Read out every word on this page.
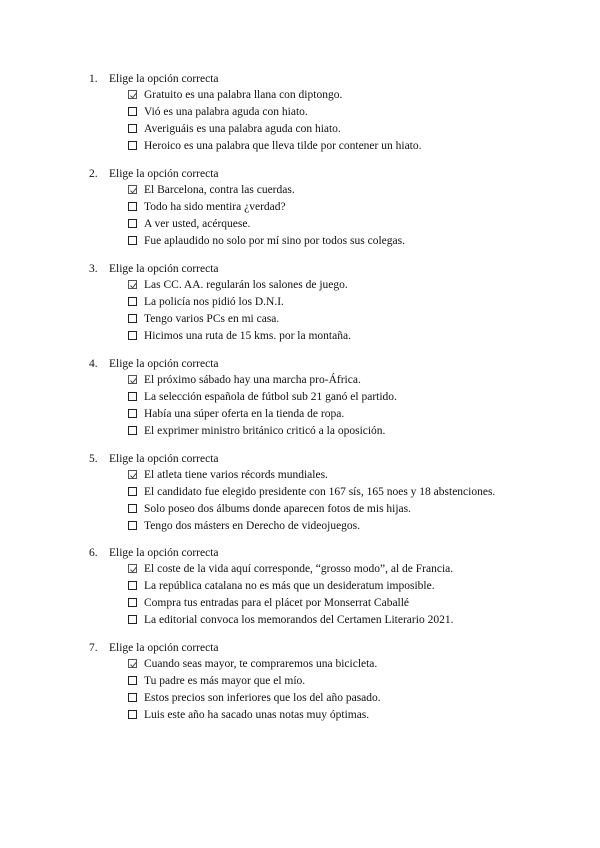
1. Elige la opción correcta
Gratuito es una palabra llana con diptongo.
Vió es una palabra aguda con hiato.
Averiguáis es una palabra aguda con hiato.
Heroico es una palabra que lleva tilde por contener un hiato.
2. Elige la opción correcta
El Barcelona, contra las cuerdas.
Todo ha sido mentira ¿verdad?
A ver usted, acérquese.
Fue aplaudido no solo por mí sino por todos sus colegas.
3. Elige la opción correcta
Las CC. AA. regularán los salones de juego.
La policía nos pidió los D.N.I.
Tengo varios PCs en mi casa.
Hicimos una ruta de 15 kms. por la montaña.
4. Elige la opción correcta
El próximo sábado hay una marcha pro-África.
La selección española de fútbol sub 21 ganó el partido.
Había una súper oferta en la tienda de ropa.
El exprimer ministro británico criticó a la oposición.
5. Elige la opción correcta
El atleta tiene varios récords mundiales.
El candidato fue elegido presidente con 167 sís, 165 noes y 18 abstenciones.
Solo poseo dos álbums donde aparecen fotos de mis hijas.
Tengo dos másters en Derecho de videojuegos.
6. Elige la opción correcta
El coste de la vida aquí corresponde, “grosso modo”, al de Francia.
La república catalana no es más que un desideratum imposible.
Compra tus entradas para el plácet por Monserrat Caballé
La editorial convoca los memorandos del Certamen Literario 2021.
7. Elige la opción correcta
Cuando seas mayor, te compraremos una bicicleta.
Tu padre es más mayor que el mío.
Estos precios son inferiores que los del año pasado.
Luis este año ha sacado unas notas muy óptimas.
